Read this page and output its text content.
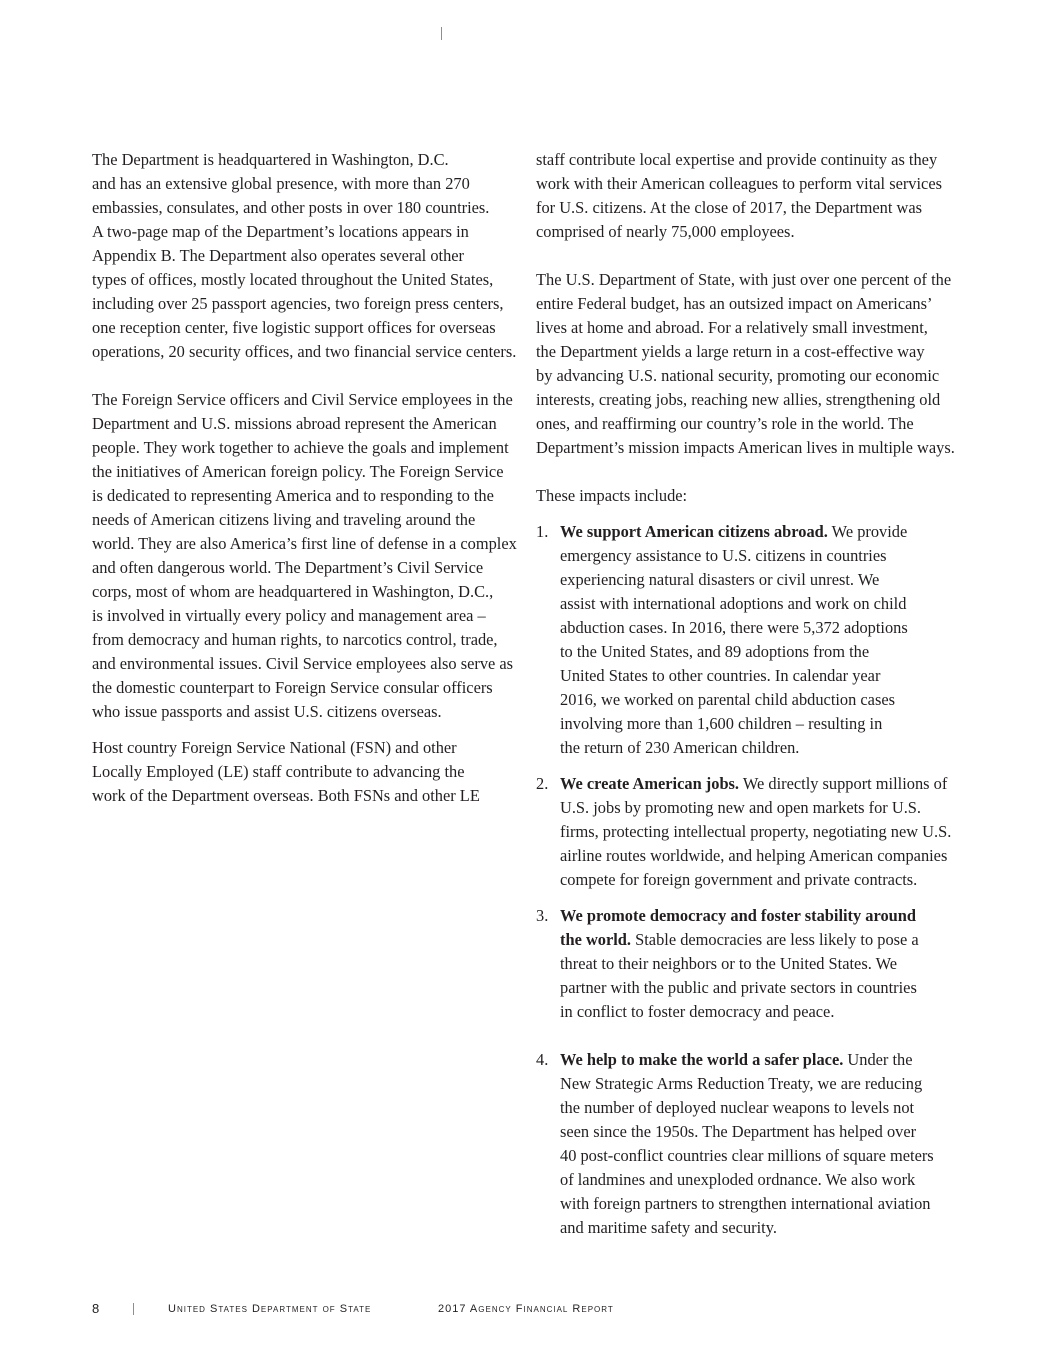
The Department is headquartered in Washington, D.C.
and has an extensive global presence, with more than 270
embassies, consulates, and other posts in over 180 countries.
A two-page map of the Department’s locations appears in
Appendix B. The Department also operates several other
types of offices, mostly located throughout the United States,
including over 25 passport agencies, two foreign press centers,
one reception center, five logistic support offices for overseas
operations, 20 security offices, and two financial service centers.

The Foreign Service officers and Civil Service employees in the
Department and U.S. missions abroad represent the American
people. They work together to achieve the goals and implement
the initiatives of American foreign policy. The Foreign Service
is dedicated to representing America and to responding to the
needs of American citizens living and traveling around the
world. They are also America’s first line of defense in a complex
and often dangerous world. The Department’s Civil Service
corps, most of whom are headquartered in Washington, D.C.,
is involved in virtually every policy and management area –
from democracy and human rights, to narcotics control, trade,
and environmental issues. Civil Service employees also serve as
the domestic counterpart to Foreign Service consular officers
who issue passports and assist U.S. citizens overseas.

Host country Foreign Service National (FSN) and other
Locally Employed (LE) staff contribute to advancing the
work of the Department overseas. Both FSNs and other LE

staff contribute local expertise and provide continuity as they
work with their American colleagues to perform vital services
for U.S. citizens. At the close of 2017, the Department was
comprised of nearly 75,000 employees.

The U.S. Department of State, with just over one percent of the
entire Federal budget, has an outsized impact on Americans’
lives at home and abroad. For a relatively small investment,
the Department yields a large return in a cost-effective way
by advancing U.S. national security, promoting our economic
interests, creating jobs, reaching new allies, strengthening old
ones, and reaffirming our country’s role in the world. The
Department’s mission impacts American lives in multiple ways.

These impacts include:

1. We support American citizens abroad. We provide
emergency assistance to U.S. citizens in countries
experiencing natural disasters or civil unrest. We
assist with international adoptions and work on child
abduction cases. In 2016, there were 5,372 adoptions
to the United States, and 89 adoptions from the
United States to other countries. In calendar year
2016, we worked on parental child abduction cases
involving more than 1,600 children – resulting in
the return of 230 American children.
2. We create American jobs. We directly support millions of
U.S. jobs by promoting new and open markets for U.S.
firms, protecting intellectual property, negotiating new U.S.
airline routes worldwide, and helping American companies
compete for foreign government and private contracts.
3. We promote democracy and foster stability around
the world. Stable democracies are less likely to pose a
threat to their neighbors or to the United States. We
partner with the public and private sectors in countries
in conflict to foster democracy and peace.
4. We help to make the world a safer place. Under the
New Strategic Arms Reduction Treaty, we are reducing
the number of deployed nuclear weapons to levels not
seen since the 1950s. The Department has helped over
40 post-conflict countries clear millions of square meters
of landmines and unexploded ordnance. We also work
with foreign partners to strengthen international aviation
and maritime safety and security.
8	United States Department of State	2017 Agency Financial Report
